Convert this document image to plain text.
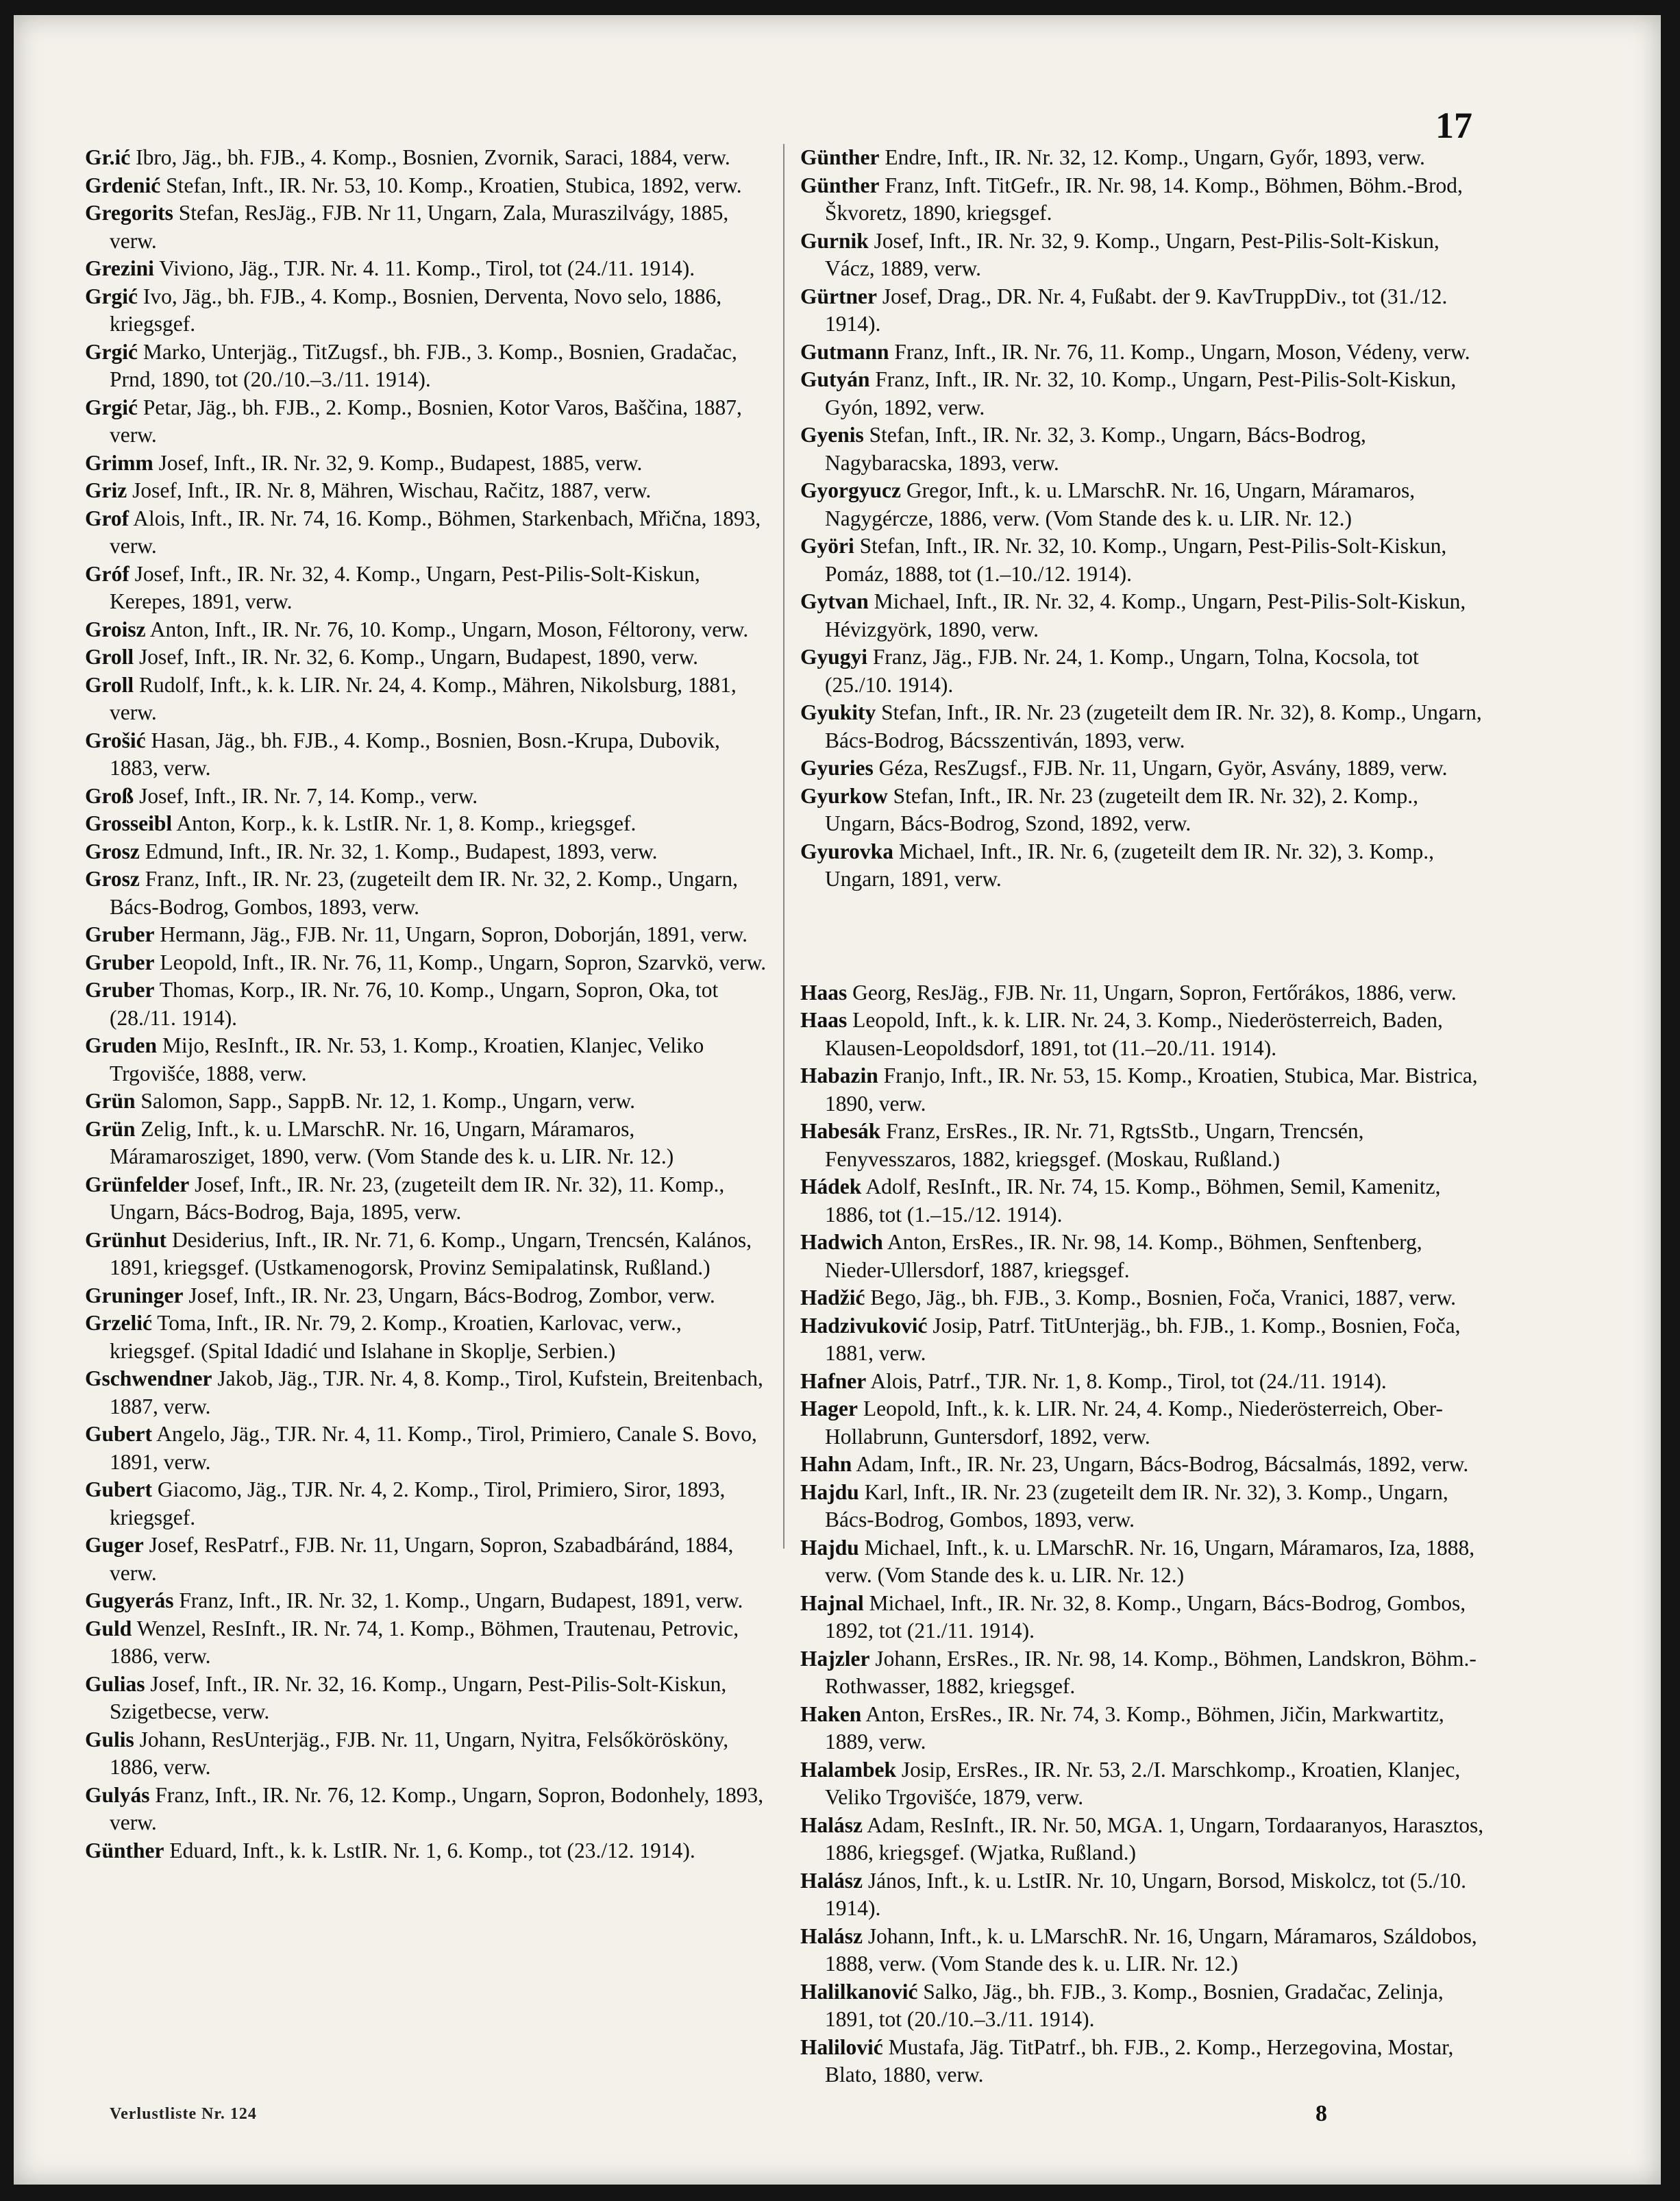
17

Gr.ić Ibro, Jäg., bh. FJB., 4. Komp., Bosnien, Zvornik, Saraci, 1884, verw.

Grdenić Stefan, Inft., IR. Nr. 53, 10. Komp., Kroatien, Stubica, 1892, verw.

Gregorits Stefan, ResJäg., FJB. Nr 11, Ungarn, Zala, Muraszilvágy, 1885, verw.

Grezini Viviono, Jäg., TJR. Nr. 4. 11. Komp., Tirol, tot (24./11. 1914).

Grgić Ivo, Jäg., bh. FJB., 4. Komp., Bosnien, Derventa, Novo selo, 1886, kriegsgef.

Grgić Marko, Unterjäg., TitZugsf., bh. FJB., 3. Komp., Bosnien, Gradačac, Prnd, 1890, tot (20./10.–3./11. 1914).

Grgić Petar, Jäg., bh. FJB., 2. Komp., Bosnien, Kotor Varos, Baščina, 1887, verw.

Grimm Josef, Inft., IR. Nr. 32, 9. Komp., Budapest, 1885, verw.

Griz Josef, Inft., IR. Nr. 8, Mähren, Wischau, Račitz, 1887, verw.

Grof Alois, Inft., IR. Nr. 74, 16. Komp., Böhmen, Starkenbach, Mřična, 1893, verw.

Gróf Josef, Inft., IR. Nr. 32, 4. Komp., Ungarn, Pest-Pilis-Solt-Kiskun, Kerepes, 1891, verw.

Groisz Anton, Inft., IR. Nr. 76, 10. Komp., Ungarn, Moson, Féltorony, verw.

Groll Josef, Inft., IR. Nr. 32, 6. Komp., Ungarn, Budapest, 1890, verw.

Groll Rudolf, Inft., k. k. LIR. Nr. 24, 4. Komp., Mähren, Nikolsburg, 1881, verw.

Grošić Hasan, Jäg., bh. FJB., 4. Komp., Bosnien, Bosn.-Krupa, Dubovik, 1883, verw.

Groß Josef, Inft., IR. Nr. 7, 14. Komp., verw.

Grosseibl Anton, Korp., k. k. LstIR. Nr. 1, 8. Komp., kriegsgef.

Grosz Edmund, Inft., IR. Nr. 32, 1. Komp., Budapest, 1893, verw.

Grosz Franz, Inft., IR. Nr. 23, (zugeteilt dem IR. Nr. 32, 2. Komp., Ungarn, Bács-Bodrog, Gombos, 1893, verw.

Gruber Hermann, Jäg., FJB. Nr. 11, Ungarn, Sopron, Doborján, 1891, verw.

Gruber Leopold, Inft., IR. Nr. 76, 11, Komp., Ungarn, Sopron, Szarvkö, verw.

Gruber Thomas, Korp., IR. Nr. 76, 10. Komp., Ungarn, Sopron, Oka, tot (28./11. 1914).

Gruden Mijo, ResInft., IR. Nr. 53, 1. Komp., Kroatien, Klanjec, Veliko Trgovišće, 1888, verw.

Grün Salomon, Sapp., SappB. Nr. 12, 1. Komp., Ungarn, verw.

Grün Zelig, Inft., k. u. LMarschR. Nr. 16, Ungarn, Máramaros, Máramarosziget, 1890, verw. (Vom Stande des k. u. LIR. Nr. 12.)

Grünfelder Josef, Inft., IR. Nr. 23, (zugeteilt dem IR. Nr. 32), 11. Komp., Ungarn, Bács-Bodrog, Baja, 1895, verw.

Grünhut Desiderius, Inft., IR. Nr. 71, 6. Komp., Ungarn, Trencsén, Kalános, 1891, kriegsgef. (Ustkamenogorsk, Provinz Semipalatinsk, Rußland.)

Gruninger Josef, Inft., IR. Nr. 23, Ungarn, Bács-Bodrog, Zombor, verw.

Grzelić Toma, Inft., IR. Nr. 79, 2. Komp., Kroatien, Karlovac, verw., kriegsgef. (Spital Idadić und Islahane in Skoplje, Serbien.)

Gschwendner Jakob, Jäg., TJR. Nr. 4, 8. Komp., Tirol, Kufstein, Breitenbach, 1887, verw.

Gubert Angelo, Jäg., TJR. Nr. 4, 11. Komp., Tirol, Primiero, Canale S. Bovo, 1891, verw.

Gubert Giacomo, Jäg., TJR. Nr. 4, 2. Komp., Tirol, Primiero, Siror, 1893, kriegsgef.

Guger Josef, ResPatrf., FJB. Nr. 11, Ungarn, Sopron, Szabadbáránd, 1884, verw.

Gugyerás Franz, Inft., IR. Nr. 32, 1. Komp., Ungarn, Budapest, 1891, verw.

Guld Wenzel, ResInft., IR. Nr. 74, 1. Komp., Böhmen, Trautenau, Petrovic, 1886, verw.

Gulias Josef, Inft., IR. Nr. 32, 16. Komp., Ungarn, Pest-Pilis-Solt-Kiskun, Szigetbecse, verw.

Gulis Johann, ResUnterjäg., FJB. Nr. 11, Ungarn, Nyitra, Felsőkörösköny, 1886, verw.

Gulyás Franz, Inft., IR. Nr. 76, 12. Komp., Ungarn, Sopron, Bodonhely, 1893, verw.

Günther Eduard, Inft., k. k. LstIR. Nr. 1, 6. Komp., tot (23./12. 1914).

Günther Endre, Inft., IR. Nr. 32, 12. Komp., Ungarn, Győr, 1893, verw.

Günther Franz, Inft. TitGefr., IR. Nr. 98, 14. Komp., Böhmen, Böhm.-Brod, Škvoretz, 1890, kriegsgef.

Gurnik Josef, Inft., IR. Nr. 32, 9. Komp., Ungarn, Pest-Pilis-Solt-Kiskun, Vácz, 1889, verw.

Gürtner Josef, Drag., DR. Nr. 4, Fußabt. der 9. KavTruppDiv., tot (31./12. 1914).

Gutmann Franz, Inft., IR. Nr. 76, 11. Komp., Ungarn, Moson, Védeny, verw.

Gutyán Franz, Inft., IR. Nr. 32, 10. Komp., Ungarn, Pest-Pilis-Solt-Kiskun, Gyón, 1892, verw.

Gyenis Stefan, Inft., IR. Nr. 32, 3. Komp., Ungarn, Bács-Bodrog, Nagybaracska, 1893, verw.

Gyorgyucz Gregor, Inft., k. u. LMarschR. Nr. 16, Ungarn, Máramaros, Nagygércze, 1886, verw. (Vom Stande des k. u. LIR. Nr. 12.)

Györi Stefan, Inft., IR. Nr. 32, 10. Komp., Ungarn, Pest-Pilis-Solt-Kiskun, Pomáz, 1888, tot (1.–10./12. 1914).

Gytvan Michael, Inft., IR. Nr. 32, 4. Komp., Ungarn, Pest-Pilis-Solt-Kiskun, Hévizgyörk, 1890, verw.

Gyugyi Franz, Jäg., FJB. Nr. 24, 1. Komp., Ungarn, Tolna, Kocsola, tot (25./10. 1914).

Gyukity Stefan, Inft., IR. Nr. 23 (zugeteilt dem IR. Nr. 32), 8. Komp., Ungarn, Bács-Bodrog, Bácsszentiván, 1893, verw.

Gyuries Géza, ResZugsf., FJB. Nr. 11, Ungarn, Györ, Asvány, 1889, verw.

Gyurkow Stefan, Inft., IR. Nr. 23 (zugeteilt dem IR. Nr. 32), 2. Komp., Ungarn, Bács-Bodrog, Szond, 1892, verw.

Gyurovka Michael, Inft., IR. Nr. 6, (zugeteilt dem IR. Nr. 32), 3. Komp., Ungarn, 1891, verw.

Haas Georg, ResJäg., FJB. Nr. 11, Ungarn, Sopron, Fertőrákos, 1886, verw.

Haas Leopold, Inft., k. k. LIR. Nr. 24, 3. Komp., Niederösterreich, Baden, Klausen-Leopoldsdorf, 1891, tot (11.–20./11. 1914).

Habazin Franjo, Inft., IR. Nr. 53, 15. Komp., Kroatien, Stubica, Mar. Bistrica, 1890, verw.

Habesák Franz, ErsRes., IR. Nr. 71, RgtsStb., Ungarn, Trencsén, Fenyvesszaros, 1882, kriegsgef. (Moskau, Rußland.)

Hádek Adolf, ResInft., IR. Nr. 74, 15. Komp., Böhmen, Semil, Kamenitz, 1886, tot (1.–15./12. 1914).

Hadwich Anton, ErsRes., IR. Nr. 98, 14. Komp., Böhmen, Senftenberg, Nieder-Ullersdorf, 1887, kriegsgef.

Hadžić Bego, Jäg., bh. FJB., 3. Komp., Bosnien, Foča, Vranici, 1887, verw.

Hadzivuković Josip, Patrf. TitUnterjäg., bh. FJB., 1. Komp., Bosnien, Foča, 1881, verw.

Hafner Alois, Patrf., TJR. Nr. 1, 8. Komp., Tirol, tot (24./11. 1914).

Hager Leopold, Inft., k. k. LIR. Nr. 24, 4. Komp., Niederösterreich, Ober-Hollabrunn, Guntersdorf, 1892, verw.

Hahn Adam, Inft., IR. Nr. 23, Ungarn, Bács-Bodrog, Bácsalmás, 1892, verw.

Hajdu Karl, Inft., IR. Nr. 23 (zugeteilt dem IR. Nr. 32), 3. Komp., Ungarn, Bács-Bodrog, Gombos, 1893, verw.

Hajdu Michael, Inft., k. u. LMarschR. Nr. 16, Ungarn, Máramaros, Iza, 1888, verw. (Vom Stande des k. u. LIR. Nr. 12.)

Hajnal Michael, Inft., IR. Nr. 32, 8. Komp., Ungarn, Bács-Bodrog, Gombos, 1892, tot (21./11. 1914).

Hajzler Johann, ErsRes., IR. Nr. 98, 14. Komp., Böhmen, Landskron, Böhm.-Rothwasser, 1882, kriegsgef.

Haken Anton, ErsRes., IR. Nr. 74, 3. Komp., Böhmen, Jičin, Markwartitz, 1889, verw.

Halambek Josip, ErsRes., IR. Nr. 53, 2./I. Marschkomp., Kroatien, Klanjec, Veliko Trgovišće, 1879, verw.

Halász Adam, ResInft., IR. Nr. 50, MGA. 1, Ungarn, Tordaaranyos, Harasztos, 1886, kriegsgef. (Wjatka, Rußland.)

Halász János, Inft., k. u. LstIR. Nr. 10, Ungarn, Borsod, Miskolcz, tot (5./10. 1914).

Halász Johann, Inft., k. u. LMarschR. Nr. 16, Ungarn, Máramaros, Száldobos, 1888, verw. (Vom Stande des k. u. LIR. Nr. 12.)

Halilkanović Salko, Jäg., bh. FJB., 3. Komp., Bosnien, Gradačac, Zelinja, 1891, tot (20./10.–3./11. 1914).

Halilović Mustafa, Jäg. TitPatrf., bh. FJB., 2. Komp., Herzegovina, Mostar, Blato, 1880, verw.

Verlustliste Nr. 124	8
